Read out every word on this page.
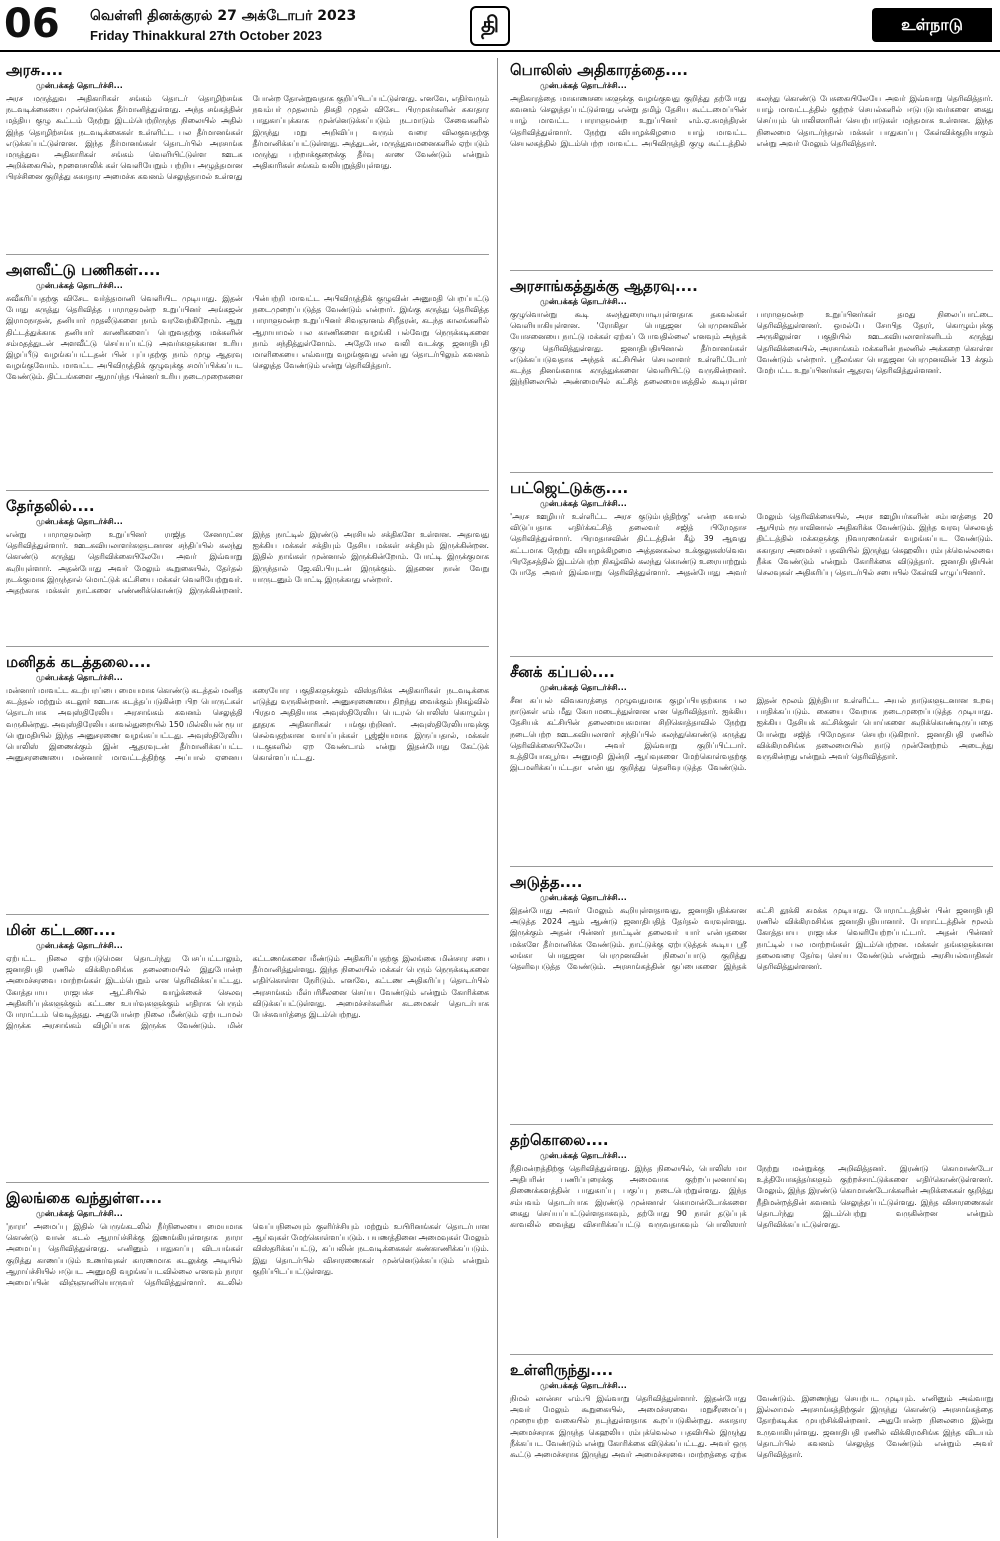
06 வெள்ளி தினக்குரல் 27 அக்டோபர் 2023
Friday Thinakkural 27th October 2023	தி	உள்நாடு
அரசு....
முன்பக்கத் தொடர்ச்சி...

அரச மருத்துவ அதிகாரிகள் சங்கம் தொடர் தொழிற்சங்க நடவடிக்கையை முன்னெடுக்க தீர்மானித்துள்ளது. அந்த சங்கத்தின் மத்திய குழு கூட்டம் நேற்று இடம்பெற்றிருந்த நிலையில் அதில் இந்த தொழிற்சங்க நடவடிக்கைகள் உள்ளிட்ட பல தீர்மானங்கள் எடுக்கப்பட்டுள்ளன. இந்த தீர்மானங்கள் தொடர்பில் அரசாங்க மருத்துவ அதிகாரிகள் சங்கம் வெளியிட்டுள்ள ஊடக அறிக்கையில், மூளைசாலிக் கள் வெளியேறும் பற்றிய அழுத்தமான பிரச்சினை குறித்து சுகாதார அமைச்சு கவனம் செலுத்தாமல் உள்ளது போன்ற தோன்றுவதாக குறிப்பிடப்பட்டுள்ளது. எனவே, எதிர்வரும் நவம்பர் முதலாம் திகதி முதல் விசேட பிரமுகர்களின் சுகாதார பாதுகாப்புக்காக முன்னெடுக்கப்படும் நடமாடும் சேவைகளில் இருந்து மறு அறிவிப்பு வரும் வரை விலகுவதற்கு தீர்மானிக்கப்பட்டுள்ளது. அத்துடன், மருத்துவமனைகளில் ஏற்படும் மருந்து பற்றாக்குறைக்கு தீர்வு காண வேண்டும் என்றும் அதிகாரிகள் சங்கம் வலியுறுத்தியுள்ளது.

அளவீட்டு பணிகள்....
முன்பக்கத் தொடர்ச்சி...

சுவீகரிப்பதற்கு விசேட வர்த்தமானி வெளியிட முடியாது. இதன் போது கருத்து தெரிவித்த பாராளுமன்ற உறுப்பினர் அங்கஜன் இராமநாதன், தனியார் முதலீடுகளை நாம் வரவேற்கிறோம். ஆறு திட்டத்துக்காக தனியார் காணிகளைப் பெறுவதற்கு மக்களின் சம்மதத்துடன் அளவீட்டு செய்யப்பட்டு அவர்களுக்கான உரிய இழப்பீடு வழங்கப்பட்டதன் பின் புப்பதற்கு நாம் முழு ஆதரவு வழங்குவோம். மாவட்ட அபிவிருத்திக் குழுவுக்கு சமர்ப்பிக்கப்பட வேண்டும். திட்டங்களை ஆராய்ந்த பின்னர் உரிய நடைமுறைகளை பின்பற்றி மாவட்ட அபிவிருத்திக் குழுவின் அனுமதி பெறப்பட்டு நடைமுறைப்படுத்த வேண்டும் என்றார். இங்கு கருத்து தெரிவித்த பாராளுமன்ற உறுப்பினர் சிவஞானம் சிறீதரன், கடந்த காலங்களில் ஆராயாமல் பல காணிகளை வழங்கி பல்வேறு நெருக்கடிகளை நாம் சந்தித்துள்ளோம். அதேபோல வலி வடக்கு ஜனாதிபதி மாளிகையை எவ்வாறு வழங்குவது என்பது தொடர்பிலும் கவனம் செலுத்த வேண்டும் என்று தெரிவித்தார்.

தேர்தலில்....
முன்பக்கத் தொடர்ச்சி...

என்று பாராளுமன்ற உறுப்பினர் ராஜித சேனாரட்ன தெரிவித்துள்ளார். ஊடகவியலாளர்களுடனான சந்திப்பில் கலந்து கொண்டு கருத்து தெரிவிக்கையிலேயே அவர் இவ்வாறு கூறியுள்ளார். அதன்போது அவர் மேலும் கூறுகையில், தேர்தல் நடக்குமாக இருந்தால் மொட்டுக் கட்சியை மக்கள் வெளியேற்றுவர். அதற்காக மக்கள் நாட்களை எண்ணிக்கொண்டு இருக்கின்றனர். இந்த நாட்டில் இரண்டு அரசியல் சக்திகளே உள்ளன. அதாவது ஐக்கிய மக்கள் சக்தியும் தேசிய மக்கள் சக்தியும் இருக்கின்றன. இதில் நாங்கள் முன்னால் இருக்கின்றோம். போட்டி இருக்குமாக இருந்தால் ஜே.வி.பியுடன் இருக்கும். இதனை நான் வேறு யாருடனும் போட்டி இருக்காது என்றார்.

மனிதக் கடத்தலை....
முன்பக்கத் தொடர்ச்சி...

மன்னார் மாவட்ட கடற்பரப்பை மையமாக கொண்டு கடத்தல் மனித கடத்தல் மற்றும் கடலூர் ஊடாக கடத்தப்படுகின்ற பிற பொருட்கள் தொடர்பாக அவுஸ்திரேலிய அரசாங்கம் கவனம் செலுத்தி வருகின்றது. அவுஸ்திரேலிய காவல்துறையில் 150 மில்லியன் ரூபா பெறுமதியில் இந்த அனுசரணை வழங்கப்பட்டது. அவுஸ்திரேலிய பொலிஸ் இணைக்கும் இன் ஆதரவுடன் தீர்மானிக்கப்பட்ட அனுசரணையை மன்னார் மாவட்டத்திற்கு அப்பால் ஏனைய கரையோர பகுதிகளுக்கும் விஸ்தரிக்க அதிகாரிகள் நடவடிக்கை எடுத்து வருகின்றனர். அனுசரணையை திறந்து வைக்கும் நிகழ்வில் பிரதம அதிதியாக அவுஸ்திரேலிய பெடரல் பொலிஸ் கொழும்பு தூதரக அதிகாரிகள் பங்குபற்றினர். அவுஸ்திரேலியாவுக்கு செல்வதற்கான வாய்ப்புக்கள் பூஜ்ஜியமாக இருப்பதால், மக்கள் படகுகளில் ஏற வேண்டாம் என்று இதன்போது கேட்டுக் கொள்ளப்பட்டது.

மின் கட்டண....
முன்பக்கத் தொடர்ச்சி...

ஏற்பட்ட நிலை ஏற்படுமென தொடர்ந்து பேசப்பட்டாலும், ஜனாதிபதி ரணில் விக்கிரமசிங்க தலைமையில் இதுபோன்ற அமைச்சரவை மாற்றங்கள் இடம்பெறும் என தெரிவிக்கப்பட்டது. கோத்தபாய ராஜபக்ச ஆட்சியில் வாழ்க்கைச் செலவு அதிகரிப்புக்களுக்கும் கட்டண உயர்வுகளுக்கும் எதிராக பெரும் போராட்டம் வெடித்தது. அதுபோன்ற நிலை மீண்டும் ஏற்படாமல் இருக்க அரசாங்கம் விழிப்பாக இருக்க வேண்டும். மின் கட்டணங்களை மீண்டும் அதிகரிப்பதற்கு இலங்கை மின்சார சபை தீர்மானித்துள்ளது. இந்த நிலையில் மக்கள் பெரும் நெருக்கடிகளை எதிர்கொள்ள நேரிடும். எனவே, கட்டண அதிகரிப்பு தொடர்பில் அரசாங்கம் மீள்பரிசீலனை செய்ய வேண்டும் என்றும் கோரிக்கை விடுக்கப்பட்டுள்ளது. அமைச்சர்களின் கடமைகள் தொடர்பாக பேச்சுவார்த்தை இடம்பெற்றது.

இலங்கை வந்துள்ள....
முன்பக்கத் தொடர்ச்சி...

'நாரா' அமைப்பு இதில் பெருங்கடலில் நீர்நிலையை மையமாக கொண்டு வான் கடல் ஆராய்ச்சிக்கு இணங்கியுள்ளதாக நாரா அமைப்பு தெரிவித்துள்ளது. எனினும் பாதுகாப்பு விடயங்கள் குறித்து காணப்படும் உணர்வுகள் காரணமாக கடலுக்கு அடியில் ஆராய்ச்சியில் ஈடுபட அனுமதி வழங்கப்படவில்லை எனவும் நாரா அமைப்பின் விஞ்ஞானியொருவர் தெரிவித்துள்ளார். கடலில் வெப்பநிலையும் குளிர்ச்சியும் மற்றும் உயிரினங்கள் தொடர்பான ஆய்வுகள் மேற்கொள்ளப்படும். பயணத்தினை அமைவுகள் மேலும் விஸ்தரிக்கப்பட்டு, கப்பலின் நடவடிக்கைகள் கண்காணிக்கப்படும். இது தொடர்பில் விசாரணைகள் முன்னெடுக்கப்படும் என்றும் குறிப்பிடப்பட்டுள்ளது.

பொலிஸ் அதிகாரத்தை....
முன்பக்கத் தொடர்ச்சி...

அதிகாரத்தை மாகாணசபைகளுக்கு வழங்குவது குறித்து தற்போது கவனம் செலுத்தப்பட்டுள்ளது என்று தமிழ் தேசிய கூட்டமைப்பின் யாழ் மாவட்ட பாராளுமன்ற உறுப்பினர் எம்.ஏ.சுமந்திரன் தெரிவித்துள்ளார். நேற்று வியாழக்கிழமை யாழ் மாவட்ட செயலகத்தில் இடம்பெற்ற மாவட்ட அபிவிருத்தி குழு கூட்டத்தில் கலந்து கொண்டு பேசுகையிலேயே அவர் இவ்வாறு தெரிவித்தார். யாழ் மாவட்டத்தில் குற்றச் செயல்களில் ஈடுபடுபவர்களை கைது செய்யும் பொலிஸாரின் செயற்பாடுகள் மந்தமாக உள்ளன. இந்த நிலைமை தொடர்ந்தால் மக்கள் பாதுகாப்பு கேள்விக்குறியாகும் என்று அவர் மேலும் தெரிவித்தார்.

அரசாங்கத்துக்கு ஆதரவு....
முன்பக்கத் தொடர்ச்சி...

குழுவொன்று கூடி கலந்துரையாடியுள்ளதாக தகவல்கள் வெளியாகியுள்ளன. 'ரோகிதா பொதுஜன பெரமுனவின் யோசனையை நாட்டு மக்கள் ஏற்கப் போவதில்லை' எனவும் அந்தக் குழு தெரிவித்துள்ளது. ஜனாதிபதியினால் தீர்மானங்கள் எடுக்கப்படுவதாக அந்தக் கட்சியின் செயலாளர் உள்ளிட்டோர் கடந்த தினங்களாக கருத்துக்களை வெளியிட்டு வருகின்றனர். இந்நிலையில் அண்மையில் கட்சித் தலைமையகத்தில் கூடியுள்ள பாராளுமன்ற உறுப்பினர்கள் தமது நிலைப்பாட்டை தெரிவித்துள்ளனர். ஒமல்பே சோபித தேரர், கொழும்புக்கு அருகிலுள்ள பகுதியில் ஊடகவியலாளர்களிடம் கருத்து தெரிவிக்கையில், அரசாங்கம் மக்களின் நலனில் அக்கறை கொள்ள வேண்டும் என்றார். ஸ்ரீலங்கா பொதுஜன பெரமுனவின் 13 க்கும் மேற்பட்ட உறுப்பினர்கள் ஆதரவு தெரிவித்துள்ளனர்.

பட்ஜெட்டுக்கு....
முன்பக்கத் தொடர்ச்சி...

'அரச ஊழியர் உள்ளிட்ட அரச குடும்பத்திற்கு' என்ற சுவால் விடுப்பதாக எதிர்க்கட்சித் தலைவர் சஜித் பிரேமதாச தெரிவித்துள்ளார். பிரமதாசவின் திட்டத்தின் கீழ் 39 ஆவது கட்டமாக நேற்று வியாழக்கிழமை அத்தனகல்ல உக்குலுகஸ்வெவ பிரதேசத்தில் இடம்பெற்ற நிகழ்வில் கலந்து கொண்டு உரையாற்றும் போதே அவர் இவ்வாறு தெரிவித்துள்ளார். அதன்போது அவர் மேலும் தெரிவிக்கையில், அரச ஊழியர்களின் சம்பளத்தை 20 ஆயிரம் ரூபாவினால் அதிகரிக்க வேண்டும். இந்த வரவு செலவுத் திட்டத்தில் மக்களுக்கு நிவாரணங்கள் வழங்கப்பட வேண்டும். சுகாதார அமைச்சர் பதவியில் இருந்து கெஹலிய ரம்புக்வெல்லவை நீக்க வேண்டும் என்றும் கோரிக்கை விடுத்தார். ஜனாதிபதியின் செலவுகள் அதிகரிப்பு தொடர்பில் சபையில் கேள்வி எழுப்பினார்.

சீனக் கப்பல்....
முன்பக்கத் தொடர்ச்சி...

சீன கப்பல் விவகாரத்தை முழுவதுமாக குழப்பியதற்காக பல நாடுகள் எம் மீது கோபமடைந்துள்ளன என தெரிவித்தார். ஐக்கிய தேசியக் கட்சியின் தலைமையகமான சிறிகொத்தாவில் நேற்று நடைபெற்ற ஊடகவியலாளர் சந்திப்பில் கலந்துகொண்டு கருத்து தெரிவிக்கையிலேயே அவர் இவ்வாறு குறிப்பிட்டார். உத்தியோகபூர்வ அனுமதி இன்றி ஆய்வுகளை மேற்கொள்வதற்கு இடமளிக்கப்பட்டதா என்பது குறித்து தெளிவுபடுத்த வேண்டும். இதன் மூலம் இந்தியா உள்ளிட்ட அயல் நாடுகளுடனான உறவு பாதிக்கப்படும். கையை வேறாக நடைமுறைப்படுத்த முடியாது. ஐக்கிய தேசியக் கட்சிக்குள் பொய்களை கூறிக்கொண்டிருப்பதை போன்று சஜித் பிரேமதாச செயற்படுகிறார். ஜனாதிபதி ரணில் விக்கிரமசிங்க தலைமையில் நாடு முன்னேற்றம் அடைந்து வருகின்றது என்றும் அவர் தெரிவித்தார்.

அடுத்த....
முன்பக்கத் தொடர்ச்சி...

இதன்போது அவர் மேலும் கூறியுள்ளதாவது, ஜனாதிபதிக்கான அடுத்த 2024 ஆம் ஆண்டு ஜனாதிபதித் தேர்தல் வரவுள்ளது. இருக்கும் அதன் பின்னர் நாட்டின் தலைவர் யார் என்பதனை மக்களே தீர்மானிக்க வேண்டும். நாட்டுக்கு ஏற்படுத்தக் கூடிய ஸ்ரீ லங்கா பொதுஜன பெரமுனவின் நிலைப்பாடு குறித்து தெளிவுபடுத்த வேண்டும். அரசாங்கத்தின் குப்பைகளை இந்தக் கட்சி தூக்கி சுமக்க முடியாது. போராட்டத்தின் பின் ஜனாதிபதி ரணில் விக்கிரமசிங்க ஜனாதிபதியானார். போராட்டத்தின் மூலம் கோத்தபாய ராஜபக்ச வெளியேற்றப்பட்டார். அதன் பின்னர் நாட்டில் பல மாற்றங்கள் இடம்பெற்றன. மக்கள் தங்களுக்கான தலைவரை தேர்வு செய்ய வேண்டும் என்றும் அரசியல்வாதிகள் தெரிவித்துள்ளனர்.

தற்கொலை....
முன்பக்கத் தொடர்ச்சி...

நீதிமன்றத்திற்கு தெரிவித்துள்ளது. இந்த நிலையில், பொலிஸ் மா அதிபரின் பணிப்புரைக்கு அமைவாக குற்றப்புலனாய்வு திணைக்களத்தின் பாதுகாப்பு பகுப்பு நடைபெற்றுள்ளது. இந்த சம்பவம் தொடர்பாக இரண்டு முன்னாள் கொமான்டோக்களை கைது செய்யப்பட்டுள்ளதாகவும், தற்போது 90 நாள் தடுப்புக் காவலில் வைத்து விசாரிக்கப்பட்டு வருவதாகவும் பொலிஸார் நேற்று மன்றுக்கு அறிவித்தனர். இரண்டு கொமாண்டோ உத்தியோகத்தர்களும் குற்றச்சாட்டுக்களை எதிர்கொண்டுள்ளனர். மேலும், இந்த இரண்டு கொமாண்டோக்களின் அறிக்கைகள் குறித்து நீதிமன்றத்தின் கவனம் செலுத்தப்பட்டுள்ளது. இந்த விசாரணைகள் தொடர்ந்து இடம்பெற்று வருகின்றன என்றும் தெரிவிக்கப்பட்டுள்ளது.

உள்ளிருந்து....
முன்பக்கத் தொடர்ச்சி...

நிமல் லான்சா எம்.பி இவ்வாறு தெரிவித்துள்ளார். இதன்போது அவர் மேலும் கூறுகையில், அமைச்சரவை மறுசீரமைப்பு முறையற்ற வகையில் நடந்துள்ளதாக கூறப்படுகின்றது. சுகாதார அமைச்சராக இருந்த கெஹலிய ரம்புக்வெல்ல பதவியில் இருந்து நீக்கப்பட வேண்டும் என்று கோரிக்கை விடுக்கப்பட்டது. அவர் ஒரு கூட்டு அமைச்சராக இருந்து அவர் அமைச்சரவை மாற்றத்தை ஏற்க வேண்டும். இணைந்து செயற்பட முடியும். எனினும் அவ்வாறு இல்லாமல் அரசாங்கத்திற்குள் இருந்து கொண்டு அரசாங்கத்தை தோற்கடிக்க முயற்சிக்கின்றனர். அதுபோன்ற நிலைமை இன்று உருவாகியுள்ளது. ஜனாதிபதி ரணில் விக்கிரமசிங்க இந்த விடயம் தொடர்பில் கவனம் செலுத்த வேண்டும் என்றும் அவர் தெரிவித்தார்.
